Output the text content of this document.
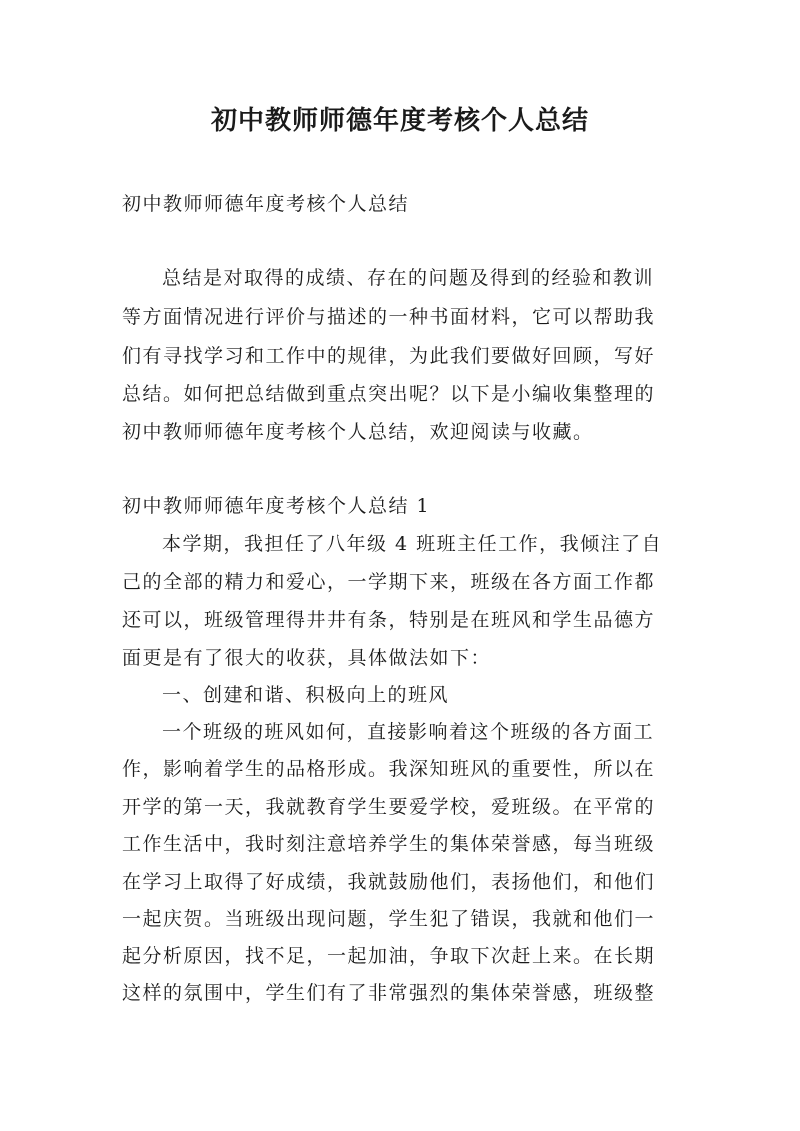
初中教师师德年度考核个人总结

初中教师师德年度考核个人总结

总结是对取得的成绩、存在的问题及得到的经验和教训

等方面情况进行评价与描述的一种书面材料，它可以帮助我

们有寻找学习和工作中的规律，为此我们要做好回顾，写好

总结。如何把总结做到重点突出呢？以下是小编收集整理的

初中教师师德年度考核个人总结，欢迎阅读与收藏。

初中教师师德年度考核个人总结 1

本学期，我担任了八年级 4 班班主任工作，我倾注了自

己的全部的精力和爱心，一学期下来，班级在各方面工作都

还可以，班级管理得井井有条，特别是在班风和学生品德方

面更是有了很大的收获，具体做法如下：

一、创建和谐、积极向上的班风

一个班级的班风如何，直接影响着这个班级的各方面工

作，影响着学生的品格形成。我深知班风的重要性，所以在

开学的第一天，我就教育学生要爱学校，爱班级。在平常的

工作生活中，我时刻注意培养学生的集体荣誉感，每当班级

在学习上取得了好成绩，我就鼓励他们，表扬他们，和他们

一起庆贺。当班级出现问题，学生犯了错误，我就和他们一

起分析原因，找不足，一起加油，争取下次赶上来。在长期

这样的氛围中，学生们有了非常强烈的集体荣誉感，班级整
